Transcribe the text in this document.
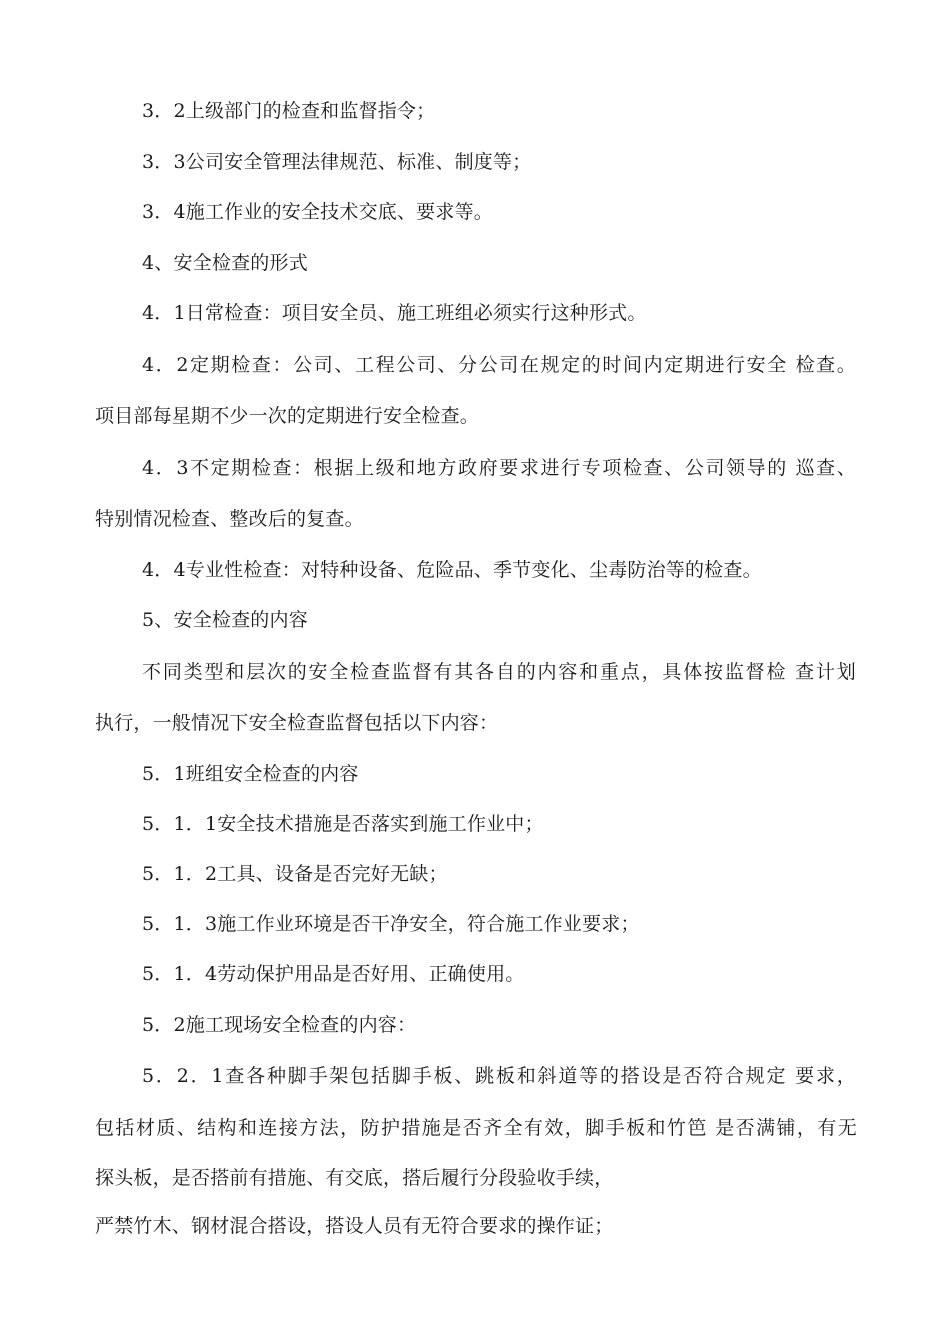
3．2上级部门的检查和监督指令；
3．3公司安全管理法律规范、标准、制度等；
3．4施工作业的安全技术交底、要求等。
4、安全检查的形式
4．1日常检查：项目安全员、施工班组必须实行这种形式。
4．2定期检查：公司、工程公司、分公司在规定的时间内定期进行安全 检查。
项目部每星期不少一次的定期进行安全检查。
4．3不定期检查：根据上级和地方政府要求进行专项检查、公司领导的 巡查、
特别情况检查、整改后的复查。
4．4专业性检查：对特种设备、危险品、季节变化、尘毒防治等的检查。
5、安全检查的内容
不同类型和层次的安全检查监督有其各自的内容和重点，具体按监督检 查计划
执行，一般情况下安全检查监督包括以下内容：
5．1班组安全检查的内容
5．1．1安全技术措施是否落实到施工作业中；
5．1．2工具、设备是否完好无缺；
5．1．3施工作业环境是否干净安全，符合施工作业要求；
5．1．4劳动保护用品是否好用、正确使用。
5．2施工现场安全检查的内容：
5．2．1查各种脚手架包括脚手板、跳板和斜道等的搭设是否符合规定 要求，
包括材质、结构和连接方法，防护措施是否齐全有效，脚手板和竹笆 是否满铺，有无
探头板，是否搭前有措施、有交底，搭后履行分段验收手续，
严禁竹木、钢材混合搭设，搭设人员有无符合要求的操作证；
